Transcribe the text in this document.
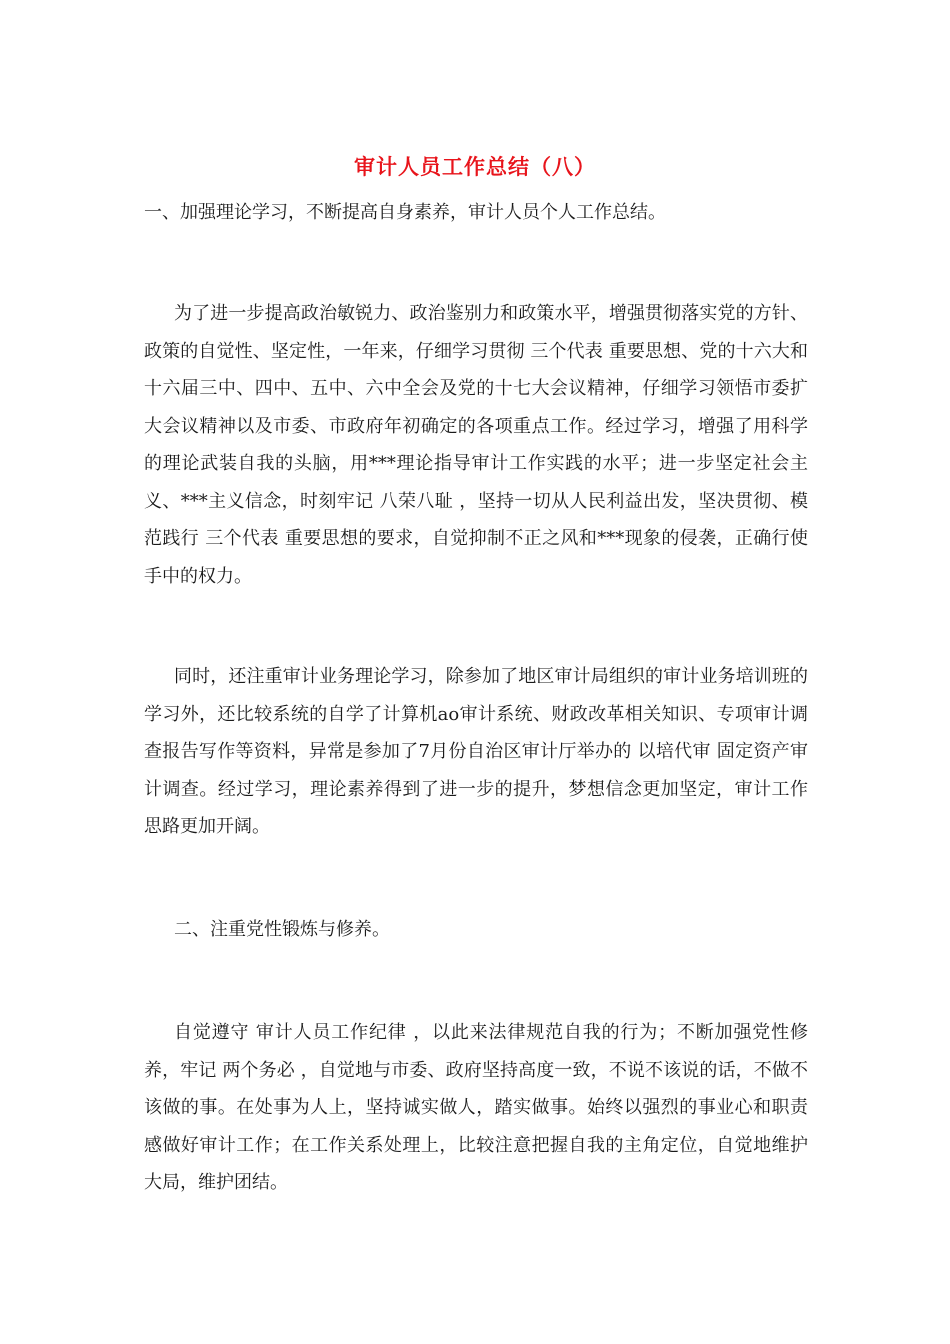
审计人员工作总结（八）

一、加强理论学习，不断提高自身素养，审计人员个人工作总结。

为了进一步提高政治敏锐力、政治鉴别力和政策水平，增强贯彻落实党的方针、政策的自觉性、坚定性，一年来，仔细学习贯彻 三个代表 重要思想、党的十六大和十六届三中、四中、五中、六中全会及党的十七大会议精神，仔细学习领悟市委扩大会议精神以及市委、市政府年初确定的各项重点工作。经过学习，增强了用科学的理论武装自我的头脑，用***理论指导审计工作实践的水平；进一步坚定社会主义、***主义信念，时刻牢记 八荣八耻 ，坚持一切从人民利益出发，坚决贯彻、模范践行 三个代表 重要思想的要求，自觉抑制不正之风和***现象的侵袭，正确行使手中的权力。

同时，还注重审计业务理论学习，除参加了地区审计局组织的审计业务培训班的学习外，还比较系统的自学了计算机ao审计系统、财政改革相关知识、专项审计调查报告写作等资料，异常是参加了7月份自治区审计厅举办的 以培代审 固定资产审计调查。经过学习，理论素养得到了进一步的提升，梦想信念更加坚定，审计工作思路更加开阔。

二、注重党性锻炼与修养。

自觉遵守 审计人员工作纪律 ，以此来法律规范自我的行为；不断加强党性修养，牢记 两个务必 ，自觉地与市委、政府坚持高度一致，不说不该说的话，不做不该做的事。在处事为人上，坚持诚实做人，踏实做事。始终以强烈的事业心和职责感做好审计工作；在工作关系处理上，比较注意把握自我的主角定位，自觉地维护大局，维护团结。
